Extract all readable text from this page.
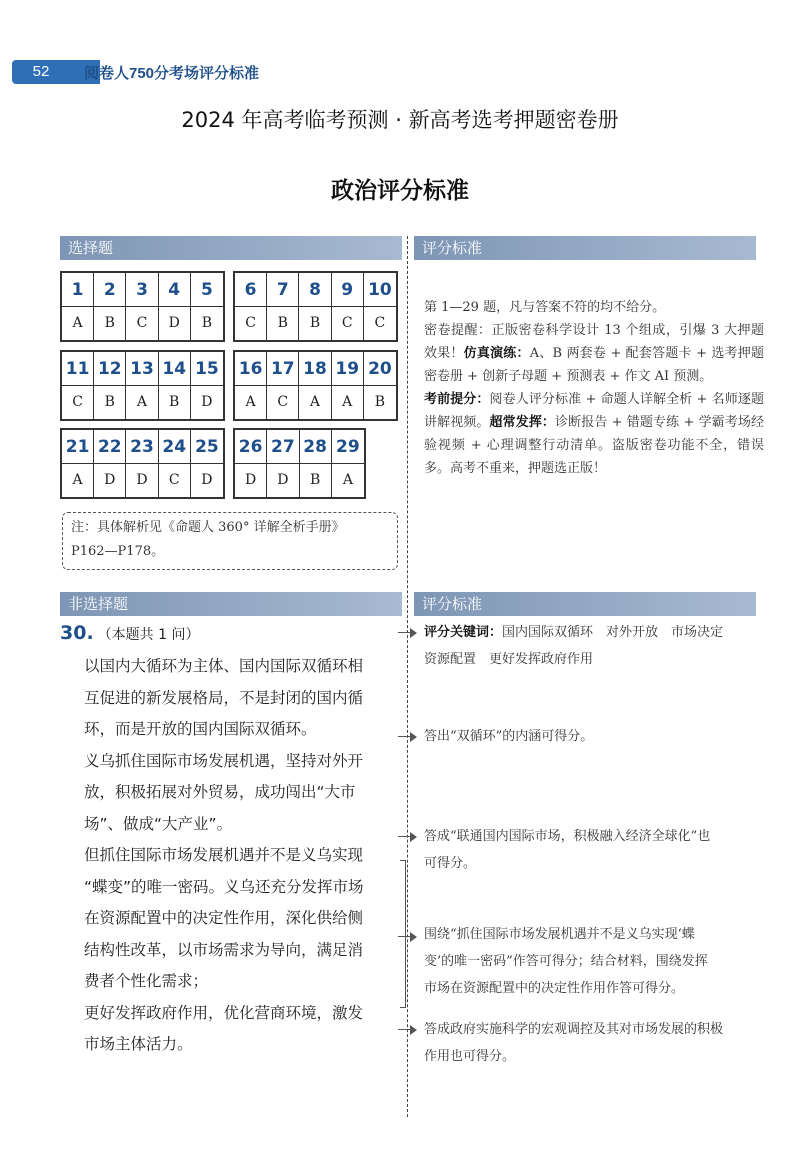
52	阅卷人750分考场评分标准
2024 年高考临考预测 · 新高考选考押题密卷册
政治评分标准
选择题	评分标准
非选择题	评分标准
1	2	3	4	5
A	B	C	D	B
6	7	8	9 10
C	B	B	C	C
11 12 13 14 15
C	B	A	B	D
16 17 18 19 20
A	C	A	A	B
21 22 23 24 25
A	D	D	C	D
26 27 28 29
D	D	B	A
注：具体解析见《命题人 360° 详解全析手册》
P162—P178。
第 1—29 题，凡与答案不符的均不给分。
密卷提醒：正版密卷科学设计 13 个组成，引爆 3 大押题效果！仿真演练：A、B 两套卷 + 配套答题卡 + 选考押题密卷册 + 创新子母题 + 预测表 + 作文 AI 预测。
考前提分：阅卷人评分标准 + 命题人详解全析 + 名师逐题讲解视频。超常发挥：诊断报告 + 错题专练 + 学霸考场经验视频 + 心理调整行动清单。盗版密卷功能不全，错误多。高考不重来，押题选正版！
30. （本题共 1 问）
以国内大循环为主体、国内国际双循环相
互促进的新发展格局，不是封闭的国内循
环，而是开放的国内国际双循环。
义乌抓住国际市场发展机遇，坚持对外开
放，积极拓展对外贸易，成功闯出“大市
场”、做成“大产业”。
但抓住国际市场发展机遇并不是义乌实现
“蝶变”的唯一密码。义乌还充分发挥市场
在资源配置中的决定性作用，深化供给侧
结构性改革，以市场需求为导向，满足消
费者个性化需求；
更好发挥政府作用，优化营商环境，激发
市场主体活力。
评分关键词：国内国际双循环　对外开放　市场决定
资源配置　更好发挥政府作用
答出“双循环”的内涵可得分。
答成“联通国内国际市场，积极融入经济全球化”也
可得分。
围绕“抓住国际市场发展机遇并不是义乌实现‘蝶
变’的唯一密码”作答可得分；结合材料，围绕发挥
市场在资源配置中的决定性作用作答可得分。
答成政府实施科学的宏观调控及其对市场发展的积极
作用也可得分。
